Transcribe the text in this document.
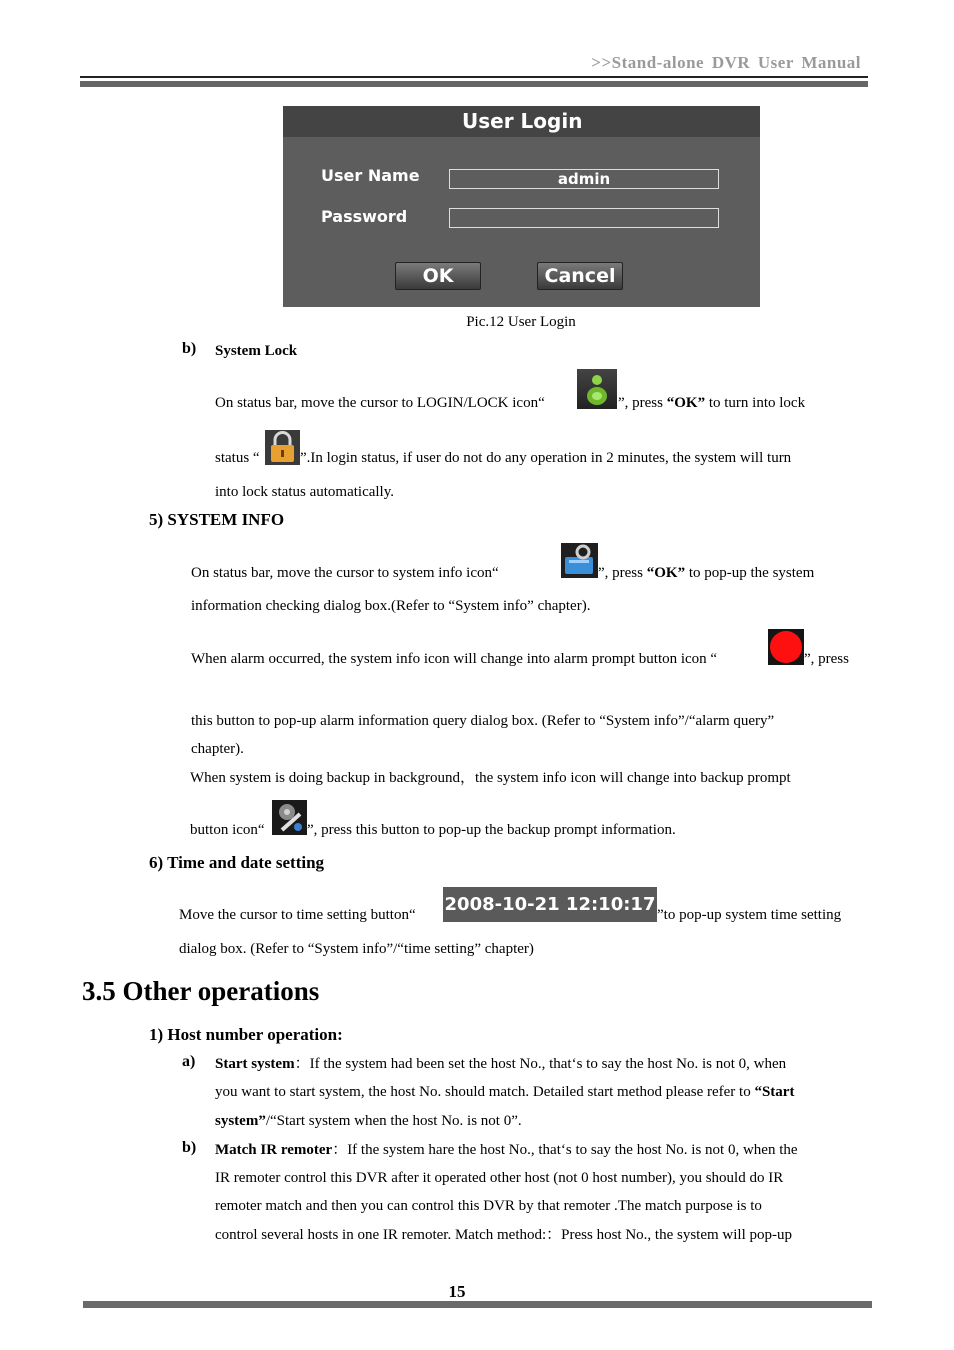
>>Stand-alone DVR User Manual
User Login
User Name	admin
Password
OK	Cancel
Pic.12 User Login
b) System Lock
On status bar, move the cursor to LOGIN/LOCK icon“	”, press “OK” to turn into lock
status “	”.In login status, if user do not do any operation in 2 minutes, the system will turn
into lock status automatically.
5) SYSTEM INFO
On status bar, move the cursor to system info icon“	”, press “OK” to pop-up the system
information checking dialog box.(Refer to “System info” chapter).
When alarm occurred, the system info icon will change into alarm prompt button icon “	”, press
this button to pop-up alarm information query dialog box. (Refer to “System info”/“alarm query”
chapter).
When system is doing backup in background，the system info icon will change into backup prompt
button icon“	”, press this button to pop-up the backup prompt information.
6) Time and date setting
Move the cursor to time setting button“ 2008-10-21 12:10:17 ”to pop-up system time setting
dialog box. (Refer to “System info”/“time setting” chapter)
3.5 Other operations
1) Host number operation:
a) Start system：If the system had been set the host No., that‘s to say the host No. is not 0, when
you want to start system, the host No. should match. Detailed start method please refer to “Start
system”/“Start system when the host No. is not 0”.
b) Match IR remoter：If the system hare the host No., that‘s to say the host No. is not 0, when the
IR remoter control this DVR after it operated other host (not 0 host number), you should do IR
remoter match and then you can control this DVR by that remoter .The match purpose is to
control several hosts in one IR remoter. Match method:：Press host No., the system will pop-up
15
